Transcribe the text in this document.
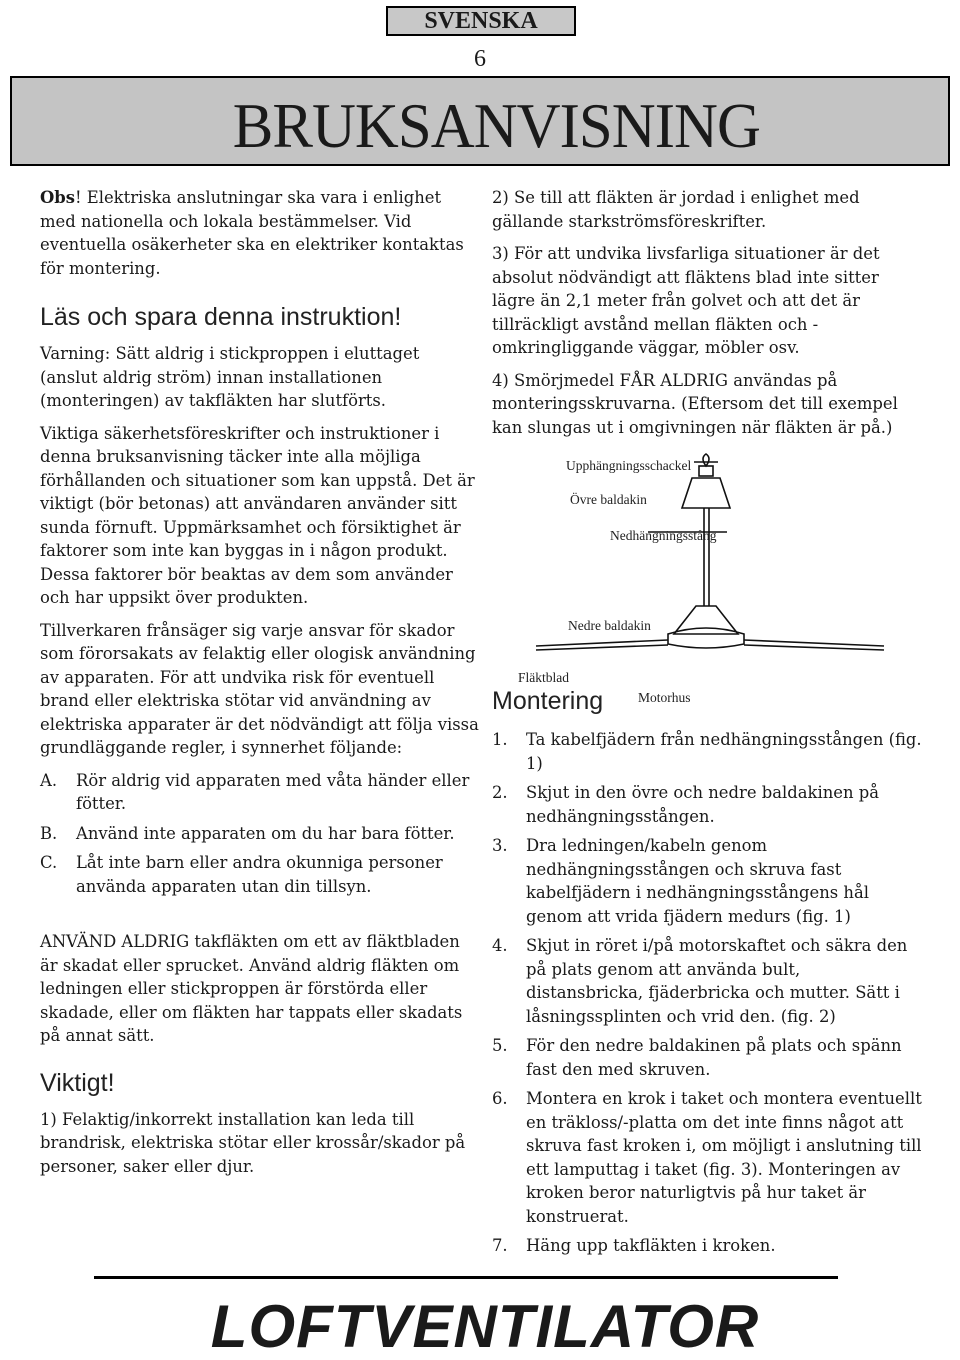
SVENSKA
6
BRUKSANVISNING

Obs! Elektriska anslutningar ska vara i enlighet med nationella och lokala bestämmelser. Vid eventuella osäkerheter ska en elektriker kontaktas för montering.

Läs och spara denna instruktion!

Varning: Sätt aldrig i stickproppen i eluttaget (anslut aldrig ström) innan installationen (monteringen) av takfläkten har slutförts.

Viktiga säkerhetsföreskrifter och instruktioner i denna bruksanvisning täcker inte alla möjliga förhållanden och situationer som kan uppstå. Det är viktigt (bör betonas) att användaren använder sitt sunda förnuft. Uppmärksamhet och försiktighet är faktorer som inte kan byggas in i någon produkt. Dessa faktorer bör beaktas av dem som använder och har uppsikt över produkten.

Tillverkaren frånsäger sig varje ansvar för skador som förorsakats av felaktig eller ologisk användning av apparaten. För att undvika risk för eventuell brand eller elektriska stötar vid användning av elektriska apparater är det nödvändigt att följa vissa grundläggande regler, i synnerhet följande:

A.	Rör aldrig vid apparaten med våta händer eller fötter.
B.	Använd inte apparaten om du har bara fötter.
C.	Låt inte barn eller andra okunniga personer använda apparaten utan din tillsyn.

ANVÄND ALDRIG takfläkten om ett av fläktbladen är skadat eller sprucket. Använd aldrig fläkten om ledningen eller stickproppen är förstörda eller skadade, eller om fläkten har tappats eller skadats på annat sätt.

Viktigt!

1) Felaktig/inkorrekt installation kan leda till brandrisk, elektriska stötar eller krossår/skador på personer, saker eller djur.

2) Se till att fläkten är jordad i enlighet med gällande starkströmsföreskrifter.

3) För att undvika livsfarliga situationer är det absolut nödvändigt att fläktens blad inte sitter lägre än 2,1 meter från golvet och att det är tillräckligt avstånd mellan fläkten och -omkringliggande väggar, möbler osv.

4) Smörjmedel FÅR ALDRIG användas på monteringsskruvarna. (Eftersom det till exempel kan slungas ut i omgivningen när fläkten är på.)

Upphängningsschackel
Övre baldakin
Nedhängningsstång
Nedre baldakin
Fläktblad
Motorhus
Montering
1.	Ta kabelfjädern från nedhängningsstången (fig. 1)
2.	Skjut in den övre och nedre baldakinen på nedhängningsstången.
3.	Dra ledningen/kabeln genom nedhängningsstången och skruva fast kabelfjädern i nedhängningsstångens hål genom att vrida fjädern medurs (fig. 1)
4.	Skjut in röret i/på motorskaftet och säkra den på plats genom att använda bult, distansbricka, fjäderbricka och mutter. Sätt i låsningssplinten och vrid den. (fig. 2)
5.	För den nedre baldakinen på plats och spänn fast den med skruven.
6.	Montera en krok i taket och montera eventuellt en träkloss/-platta om det inte finns något att skruva fast kroken i, om möjligt i anslutning till ett lamputtag i taket (fig. 3). Monteringen av kroken beror naturligtvis på hur taket är konstruerat.
7.	Häng upp takfläkten i kroken.
LOFTVENTILATOR
